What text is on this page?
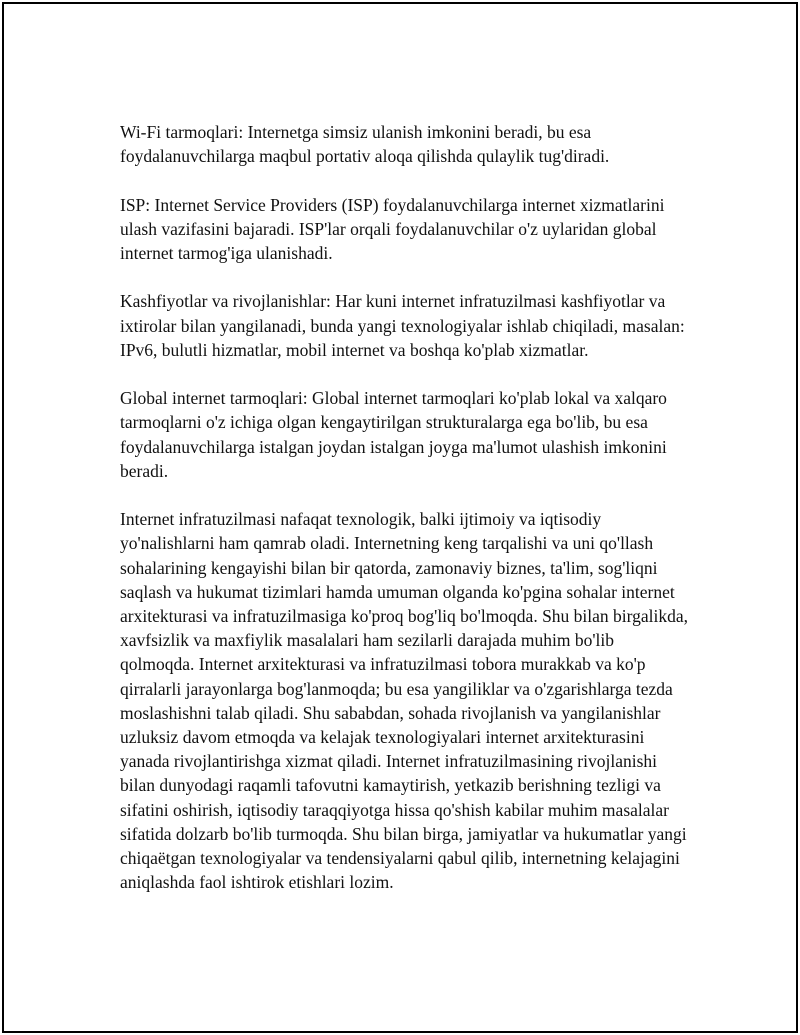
Wi-Fi tarmoqlari: Internetga simsiz ulanish imkonini beradi, bu esa foydalanuvchilarga maqbul portativ aloqa qilishda qulaylik tug'diradi.

ISP: Internet Service Providers (ISP) foydalanuvchilarga internet xizmatlarini ulash vazifasini bajaradi. ISP'lar orqali foydalanuvchilar o'z uylaridan global internet tarmog'iga ulanishadi.

Kashfiyotlar va rivojlanishlar: Har kuni internet infratuzilmasi kashfiyotlar va ixtirolar bilan yangilanadi, bunda yangi texnologiyalar ishlab chiqiladi, masalan: IPv6, bulutli hizmatlar, mobil internet va boshqa ko'plab xizmatlar.

Global internet tarmoqlari: Global internet tarmoqlari ko'plab lokal va xalqaro tarmoqlarni o'z ichiga olgan kengaytirilgan strukturalarga ega bo'lib, bu esa foydalanuvchilarga istalgan joydan istalgan joyga ma'lumot ulashish imkonini beradi.

Internet infratuzilmasi nafaqat texnologik, balki ijtimoiy va iqtisodiy yo'nalishlarni ham qamrab oladi. Internetning keng tarqalishi va uni qo'llash sohalarining kengayishi bilan bir qatorda, zamonaviy biznes, ta'lim, sog'liqni saqlash va hukumat tizimlari hamda umuman olganda ko'pgina sohalar internet arxitekturasi va infratuzilmasiga ko'proq bog'liq bo'lmoqda. Shu bilan birgalikda, xavfsizlik va maxfiylik masalalari ham sezilarli darajada muhim bo'lib qolmoqda. Internet arxitekturasi va infratuzilmasi tobora murakkab va ko'p qirralarli jarayonlarga bog'lanmoqda; bu esa yangiliklar va o'zgarishlarga tezda moslashishni talab qiladi. Shu sababdan, sohada rivojlanish va yangilanishlar uzluksiz davom etmoqda va kelajak texnologiyalari internet arxitekturasini yanada rivojlantirishga xizmat qiladi. Internet infratuzilmasining rivojlanishi bilan dunyodagi raqamli tafovutni kamaytirish, yetkazib berishning tezligi va sifatini oshirish, iqtisodiy taraqqiyotga hissa qo'shish kabilar muhim masalalar sifatida dolzarb bo'lib turmoqda. Shu bilan birga, jamiyatlar va hukumatlar yangi chiqaëtgan texnologiyalar va tendensiyalarni qabul qilib, internetning kelajagini aniqlashda faol ishtirok etishlari lozim.
